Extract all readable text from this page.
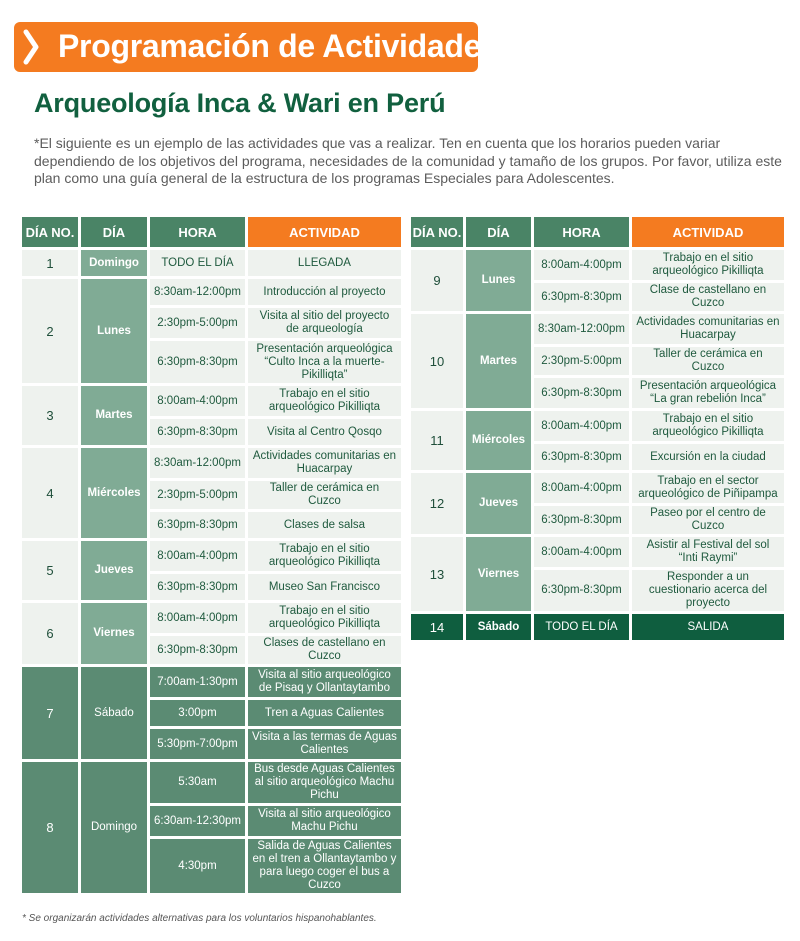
Programación de Actividades
Arqueología Inca & Wari en Perú
*El siguiente es un ejemplo de las actividades que vas a realizar. Ten en cuenta que los horarios pueden variar dependiendo de los objetivos del programa, necesidades de la comunidad y tamaño de los grupos. Por favor, utiliza este plan como una guía general de la estructura de los programas Especiales para Adolescentes.
DÍA NO.	DÍA	HORA	ACTIVIDAD
1	Domingo	TODO EL DÍA	LLEGADA
2	Lunes	8:30am-12:00pm	Introducción al proyecto
		2:30pm-5:00pm	Visita al sitio del proyecto de arqueología
		6:30pm-8:30pm	Presentación arqueológica “Culto Inca a la muerte-Pikilliqta”
3	Martes	8:00am-4:00pm	Trabajo en el sitio arqueológico Pikilliqta
		6:30pm-8:30pm	Visita al Centro Qosqo
4	Miércoles	8:30am-12:00pm	Actividades comunitarias en Huacarpay
		2:30pm-5:00pm	Taller de cerámica en Cuzco
		6:30pm-8:30pm	Clases de salsa
5	Jueves	8:00am-4:00pm	Trabajo en el sitio arqueológico Pikilliqta
		6:30pm-8:30pm	Museo San Francisco
6	Viernes	8:00am-4:00pm	Trabajo en el sitio arqueológico Pikilliqta
		6:30pm-8:30pm	Clases de castellano en Cuzco
7	Sábado	7:00am-1:30pm	Visita al sitio arqueológico de Pisaq y Ollantaytambo
		3:00pm	Tren a Aguas Calientes
		5:30pm-7:00pm	Visita a las termas de Aguas Calientes
8	Domingo	5:30am	Bus desde Aguas Calientes al sitio arqueológico Machu Pichu
		6:30am-12:30pm	Visita al sitio arqueológico Machu Pichu
		4:30pm	Salida de Aguas Calientes en el tren a Ollantaytambo y para luego coger el bus a Cuzco
DÍA NO.	DÍA	HORA	ACTIVIDAD
9	Lunes	8:00am-4:00pm	Trabajo en el sitio arqueológico Pikilliqta
		6:30pm-8:30pm	Clase de castellano en Cuzco
10	Martes	8:30am-12:00pm	Actividades comunitarias en Huacarpay
		2:30pm-5:00pm	Taller de cerámica en Cuzco
		6:30pm-8:30pm	Presentación arqueológica “La gran rebelión Inca”
11	Miércoles	8:00am-4:00pm	Trabajo en el sitio arqueológico Pikilliqta
		6:30pm-8:30pm	Excursión en la ciudad
12	Jueves	8:00am-4:00pm	Trabajo en el sector arqueológico de Piñipampa
		6:30pm-8:30pm	Paseo por el centro de Cuzco
13	Viernes	8:00am-4:00pm	Asistir al Festival del sol “Inti Raymi”
		6:30pm-8:30pm	Responder a un cuestionario acerca del proyecto
14	Sábado	TODO EL DÍA	SALIDA
* Se organizarán actividades alternativas para los voluntarios hispanohablantes.
